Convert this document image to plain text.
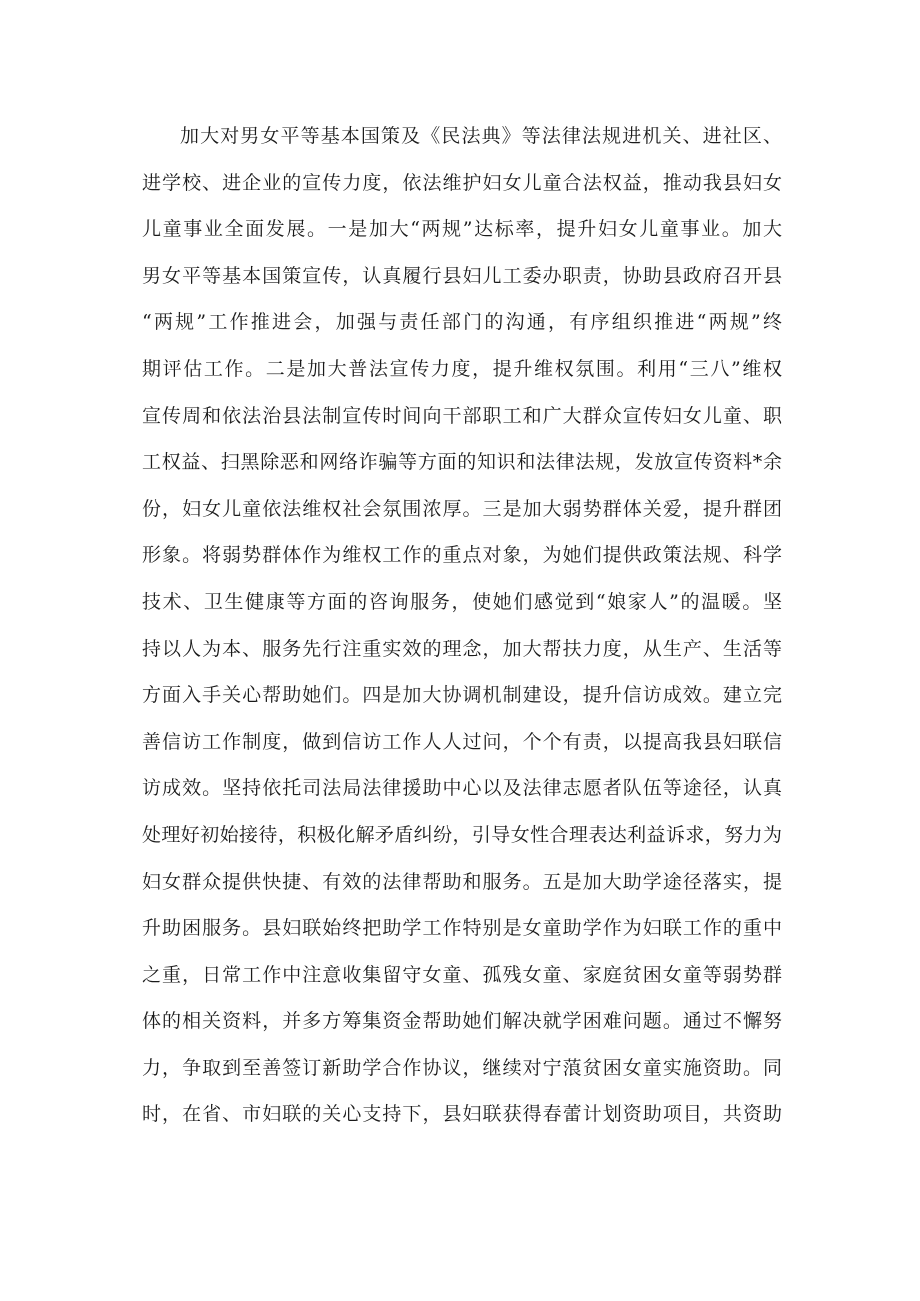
加大对男女平等基本国策及《民法典》等法律法规进机关、进社区、
进学校、进企业的宣传力度，依法维护妇女儿童合法权益，推动我县妇女
儿童事业全面发展。一是加大“两规”达标率，提升妇女儿童事业。加大
男女平等基本国策宣传，认真履行县妇儿工委办职责，协助县政府召开县
“两规”工作推进会，加强与责任部门的沟通，有序组织推进“两规”终
期评估工作。二是加大普法宣传力度，提升维权氛围。利用“三八”维权
宣传周和依法治县法制宣传时间向干部职工和广大群众宣传妇女儿童、职
工权益、扫黑除恶和网络诈骗等方面的知识和法律法规，发放宣传资料*余
份，妇女儿童依法维权社会氛围浓厚。三是加大弱势群体关爱，提升群团
形象。将弱势群体作为维权工作的重点对象，为她们提供政策法规、科学
技术、卫生健康等方面的咨询服务，使她们感觉到“娘家人”的温暖。坚
持以人为本、服务先行注重实效的理念，加大帮扶力度，从生产、生活等
方面入手关心帮助她们。四是加大协调机制建设，提升信访成效。建立完
善信访工作制度，做到信访工作人人过问，个个有责，以提高我县妇联信
访成效。坚持依托司法局法律援助中心以及法律志愿者队伍等途径，认真
处理好初始接待，积极化解矛盾纠纷，引导女性合理表达利益诉求，努力为
妇女群众提供快捷、有效的法律帮助和服务。五是加大助学途径落实，提
升助困服务。县妇联始终把助学工作特别是女童助学作为妇联工作的重中
之重，日常工作中注意收集留守女童、孤残女童、家庭贫困女童等弱势群
体的相关资料，并多方筹集资金帮助她们解决就学困难问题。通过不懈努
力，争取到至善签订新助学合作协议，继续对宁蒗贫困女童实施资助。同
时，在省、市妇联的关心支持下，县妇联获得春蕾计划资助项目，共资助
